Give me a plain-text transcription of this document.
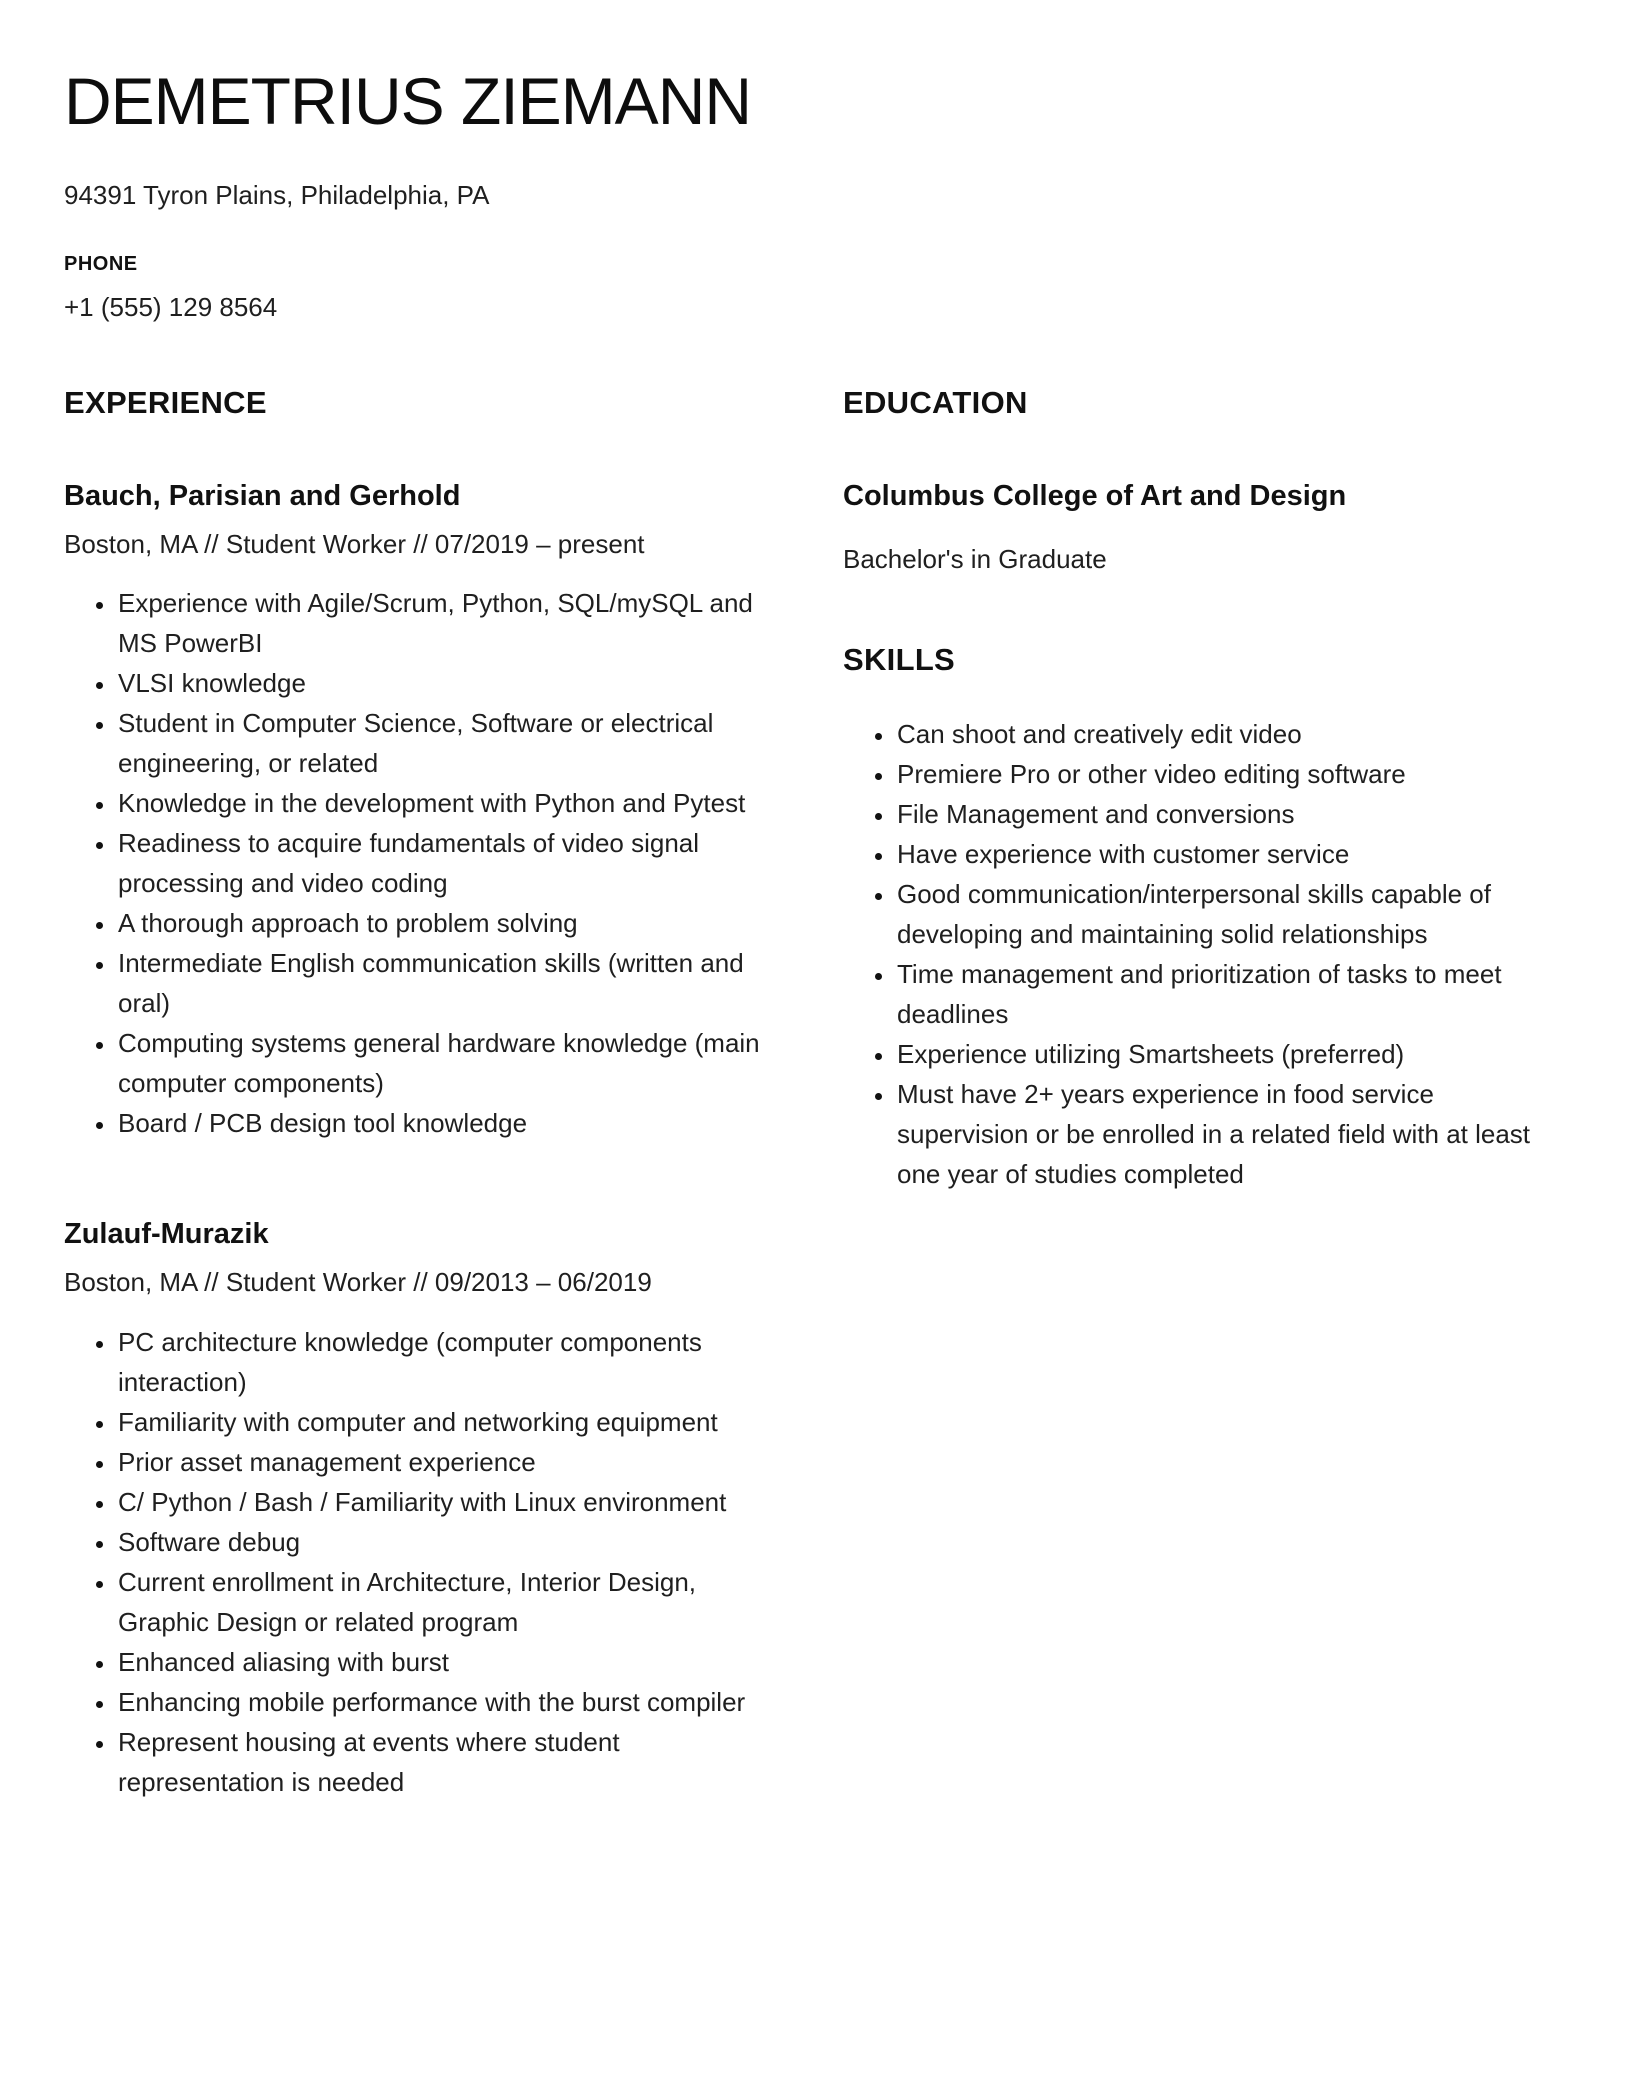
DEMETRIUS ZIEMANN
94391 Tyron Plains, Philadelphia, PA
PHONE
+1 (555) 129 8564
EXPERIENCE
Bauch, Parisian and Gerhold
Boston, MA // Student Worker // 07/2019 – present
• Experience with Agile/Scrum, Python, SQL/mySQL and MS PowerBI
• VLSI knowledge
• Student in Computer Science, Software or electrical engineering, or related
• Knowledge in the development with Python and Pytest
• Readiness to acquire fundamentals of video signal processing and video coding
• A thorough approach to problem solving
• Intermediate English communication skills (written and oral)
• Computing systems general hardware knowledge (main computer components)
• Board / PCB design tool knowledge
Zulauf-Murazik
Boston, MA // Student Worker // 09/2013 – 06/2019
• PC architecture knowledge (computer components interaction)
• Familiarity with computer and networking equipment
• Prior asset management experience
• C/ Python / Bash / Familiarity with Linux environment
• Software debug
• Current enrollment in Architecture, Interior Design, Graphic Design or related program
• Enhanced aliasing with burst
• Enhancing mobile performance with the burst compiler
• Represent housing at events where student representation is needed
EDUCATION
Columbus College of Art and Design
Bachelor's in Graduate
SKILLS
• Can shoot and creatively edit video
• Premiere Pro or other video editing software
• File Management and conversions
• Have experience with customer service
• Good communication/interpersonal skills capable of developing and maintaining solid relationships
• Time management and prioritization of tasks to meet deadlines
• Experience utilizing Smartsheets (preferred)
• Must have 2+ years experience in food service supervision or be enrolled in a related field with at least one year of studies completed
